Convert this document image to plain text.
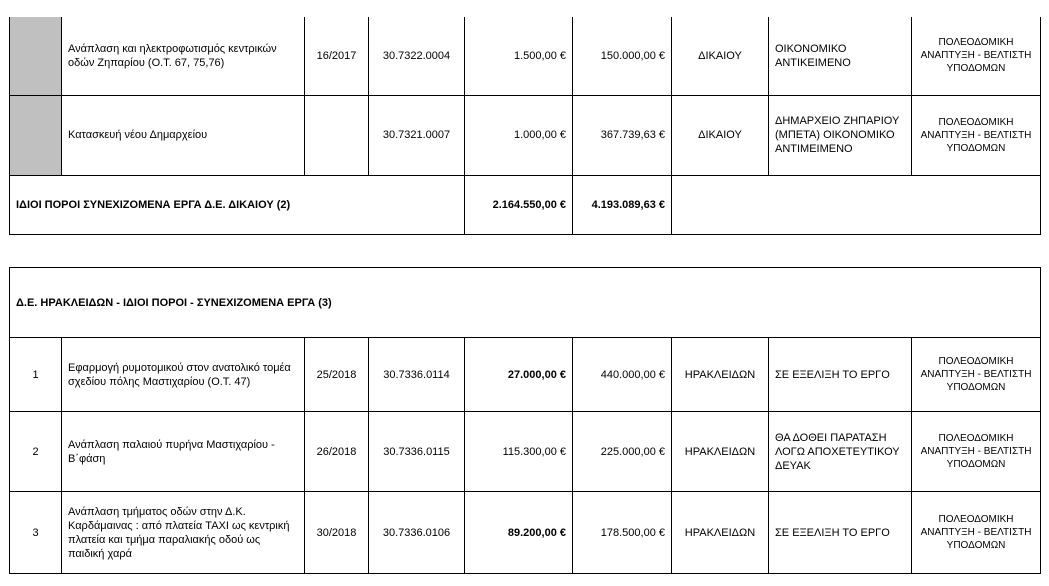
	Ανάπλαση και ηλεκτροφωτισμός κεντρικών οδών Ζηπαρίου (Ο.Τ. 67, 75,76)	16/2017	30.7322.0004	1.500,00 €	150.000,00 €	ΔΙΚΑΙΟΥ	ΟΙΚΟΝΟΜΙΚΟ ΑΝΤΙΚΕΙΜΕΝΟ	ΠΟΛΕΟΔΟΜΙΚΗ ΑΝΑΠΤΥΞΗ - ΒΕΛΤΙΣΤΗ ΥΠΟΔΟΜΩΝ
	Κατασκευή νέου Δημαρχείου		30.7321.0007	1.000,00 €	367.739,63 €	ΔΙΚΑΙΟΥ	ΔΗΜΑΡΧΕΙΟ ΖΗΠΑΡΙΟΥ (ΜΠΕΤΑ) ΟΙΚΟΝΟΜΙΚΟ ΑΝΤΙΜΕΙΜΕΝΟ	ΠΟΛΕΟΔΟΜΙΚΗ ΑΝΑΠΤΥΞΗ - ΒΕΛΤΙΣΤΗ ΥΠΟΔΟΜΩΝ
ΙΔΙΟΙ ΠΟΡΟΙ ΣΥΝΕΧΙΖΟΜΕΝΑ ΕΡΓΑ Δ.Ε. ΔΙΚΑΙΟΥ (2)				2.164.550,00 €	4.193.089,63 €			
Δ.Ε. ΗΡΑΚΛΕΙΔΩΝ - ΙΔΙΟΙ ΠΟΡΟΙ - ΣΥΝΕΧΙΖΟΜΕΝΑ ΕΡΓΑ (3)								
1	Εφαρμογή ρυμοτομικού στον ανατολικό τομέα σχεδίου πόλης Μαστιχαρίου (Ο.Τ. 47)	25/2018	30.7336.0114	27.000,00 €	440.000,00 €	ΗΡΑΚΛΕΙΔΩΝ	ΣΕ ΕΞΕΛΙΞΗ ΤΟ ΕΡΓΟ	ΠΟΛΕΟΔΟΜΙΚΗ ΑΝΑΠΤΥΞΗ - ΒΕΛΤΙΣΤΗ ΥΠΟΔΟΜΩΝ
2	Ανάπλαση παλαιού πυρήνα Μαστιχαρίου - Β΄φάση	26/2018	30.7336.0115	115.300,00 €	225.000,00 €	ΗΡΑΚΛΕΙΔΩΝ	ΘΑ ΔΟΘΕΙ ΠΑΡΑΤΑΣΗ ΛΟΓΩ ΑΠΟΧΕΤΕΥΤΙΚΟΥ ΔΕΥΑΚ	ΠΟΛΕΟΔΟΜΙΚΗ ΑΝΑΠΤΥΞΗ - ΒΕΛΤΙΣΤΗ ΥΠΟΔΟΜΩΝ
3	Ανάπλαση τμήματος οδών στην Δ.Κ. Καρδάμαινας : από πλατεία TAXI ως κεντρική πλατεία και τμήμα παραλιακής οδού ως παιδική χαρά	30/2018	30.7336.0106	89.200,00 €	178.500,00 €	ΗΡΑΚΛΕΙΔΩΝ	ΣΕ ΕΞΕΛΙΞΗ ΤΟ ΕΡΓΟ	ΠΟΛΕΟΔΟΜΙΚΗ ΑΝΑΠΤΥΞΗ - ΒΕΛΤΙΣΤΗ ΥΠΟΔΟΜΩΝ
